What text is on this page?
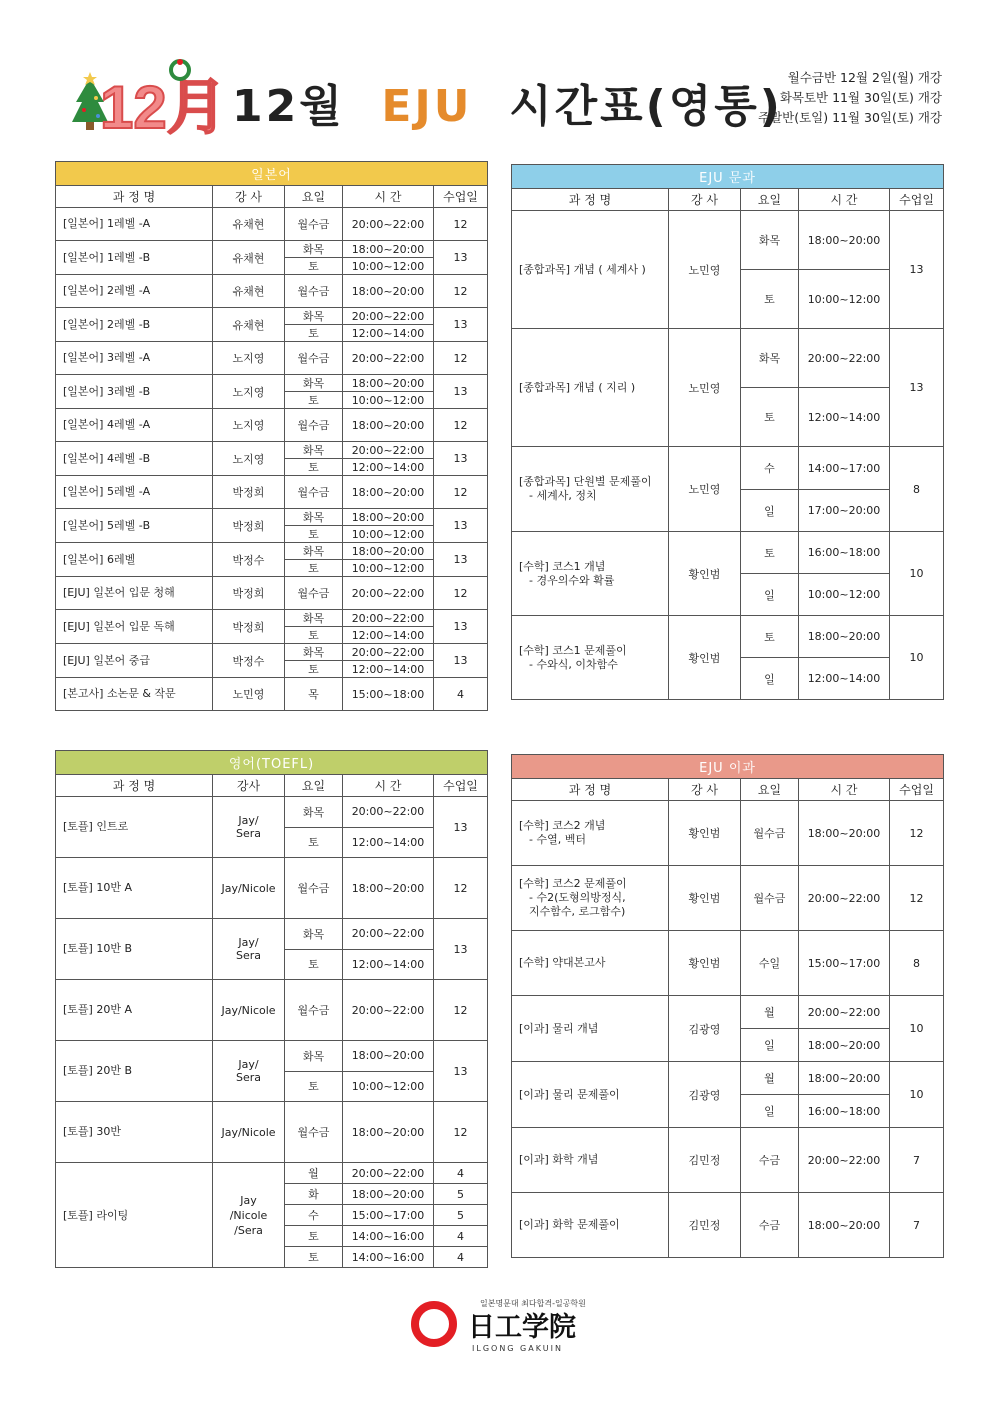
12月 12월 EJU 시간표(영통)
월수금반 12월 2일(월) 개강
화목토반 11월 30일(토) 개강
주말반(토일) 11월 30일(토) 개강
일본어				
과 정 명	강 사	요일	시 간	수업일
[일본어] 1레벨 -A	유채현	월수금	20:00~22:00	12
[일본어] 1레벨 -B	유채현	화목	18:00~20:00	13
		토	10:00~12:00	
[일본어] 2레벨 -A	유채현	월수금	18:00~20:00	12
[일본어] 2레벨 -B	유채현	화목	20:00~22:00	13
		토	12:00~14:00	
[일본어] 3레벨 -A	노지영	월수금	20:00~22:00	12
[일본어] 3레벨 -B	노지영	화목	18:00~20:00	13
		토	10:00~12:00	
[일본어] 4레벨 -A	노지영	월수금	18:00~20:00	12
[일본어] 4레벨 -B	노지영	화목	20:00~22:00	13
		토	12:00~14:00	
[일본어] 5레벨 -A	박정희	월수금	18:00~20:00	12
[일본어] 5레벨 -B	박정희	화목	18:00~20:00	13
		토	10:00~12:00	
[일본어] 6레벨	박정수	화목	18:00~20:00	13
		토	10:00~12:00	
[EJU] 일본어 입문 청해	박정희	월수금	20:00~22:00	12
[EJU] 일본어 입문 독해	박정희	화목	20:00~22:00	13
		토	12:00~14:00	
[EJU] 일본어 중급	박정수	화목	20:00~22:00	13
		토	12:00~14:00	
[본고사] 소논문 & 작문	노민영	목	15:00~18:00	4
EJU 문과				
과 정 명	강 사	요일	시 간	수업일
[종합과목] 개념 ( 세계사 )	노민영	화목	18:00~20:00	13
		토	10:00~12:00	
[종합과목] 개념 ( 지리 )	노민영	화목	20:00~22:00	13
		토	12:00~14:00	
[종합과목] 단원별 문제풀이
- 세계사, 정치	노민영	수	14:00~17:00	8
		일	17:00~20:00	
[수학] 코스1 개념
- 경우의수와 확률	황인범	토	16:00~18:00	10
		일	10:00~12:00	
[수학] 코스1 문제풀이
- 수와식, 이차함수	황인범	토	18:00~20:00	10
		일	12:00~14:00	
영어(TOEFL)				
과 정 명	강사	요일	시 간	수업일
[토플] 인트로	Jay/
Sera	화목	20:00~22:00	13
		토	12:00~14:00	
[토플] 10반 A	Jay/Nicole	월수금	18:00~20:00	12
[토플] 10반 B	Jay/
Sera	화목	20:00~22:00	13
		토	12:00~14:00	
[토플] 20반 A	Jay/Nicole	월수금	20:00~22:00	12
[토플] 20반 B	Jay/
Sera	화목	18:00~20:00	13
		토	10:00~12:00	
[토플] 30반	Jay/Nicole	월수금	18:00~20:00	12
[토플] 라이팅	Jay
/Nicole
/Sera	월	20:00~22:00	4
		화	18:00~20:00	5
		수	15:00~17:00	5
		토	14:00~16:00	4
		토	14:00~16:00	4
EJU 이과				
과 정 명	강 사	요일	시 간	수업일
[수학] 코스2 개념
- 수열, 벡터	황인범	월수금	18:00~20:00	12
[수학] 코스2 문제풀이
- 수2(도형의방정식,
지수함수, 로그함수)	황인범	월수금	20:00~22:00	12
[수학] 약대본고사	황인범	수일	15:00~17:00	8
[이과] 물리 개념	김광영	월	20:00~22:00	10
		일	18:00~20:00	
[이과] 물리 문제풀이	김광영	월	18:00~20:00	10
		일	16:00~18:00	
[이과] 화학 개념	김민정	수금	20:00~22:00	7
[이과] 화학 문제풀이	김민정	수금	18:00~20:00	7
일본명문대 최다합격-일공학원
日工学院
ILGONG GAKUIN
